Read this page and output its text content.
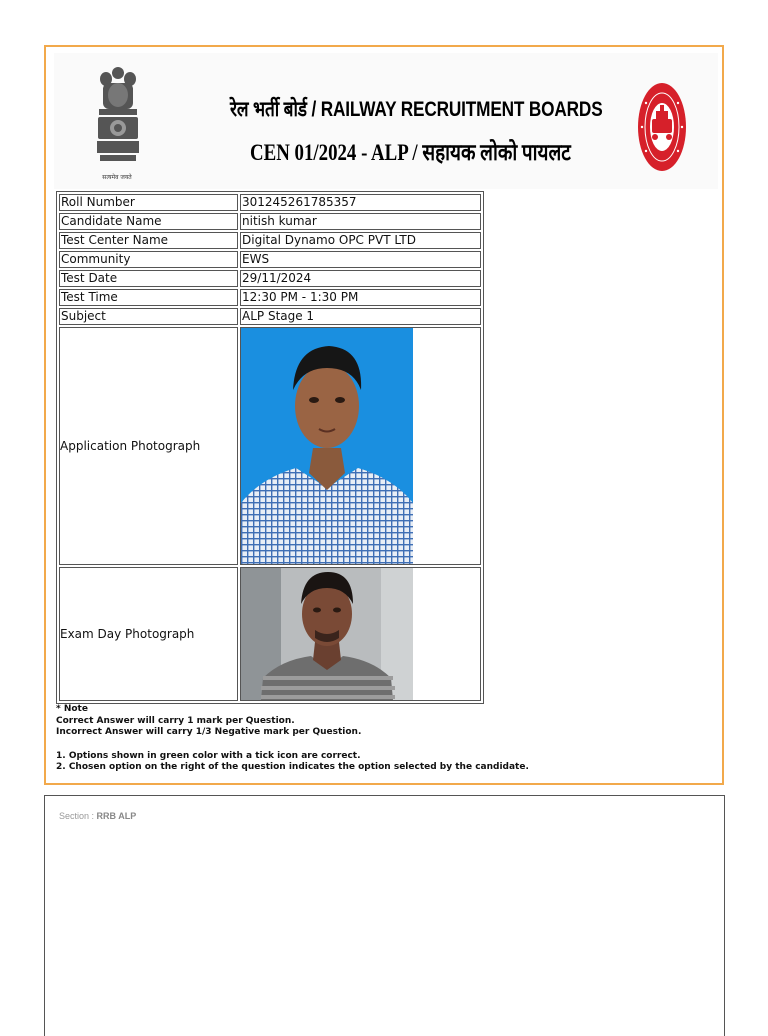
सत्यमेव जयते
रेल भर्ती बोर्ड / RAILWAY RECRUITMENT BOARDS
CEN 01/2024 - ALP / सहायक लोको पायलट
Roll Number	301245261785357
Candidate Name	nitish kumar
Test Center Name	Digital Dynamo OPC PVT LTD
Community	EWS
Test Date	29/11/2024
Test Time	12:30 PM - 1:30 PM
Subject	ALP Stage 1
Application Photograph	

Exam Day Photograph	
* Note
Correct Answer will carry 1 mark per Question.
Incorrect Answer will carry 1/3 Negative mark per Question.
1. Options shown in green color with a tick icon are correct.
2. Chosen option on the right of the question indicates the option selected by the candidate.
Section : RRB ALP
